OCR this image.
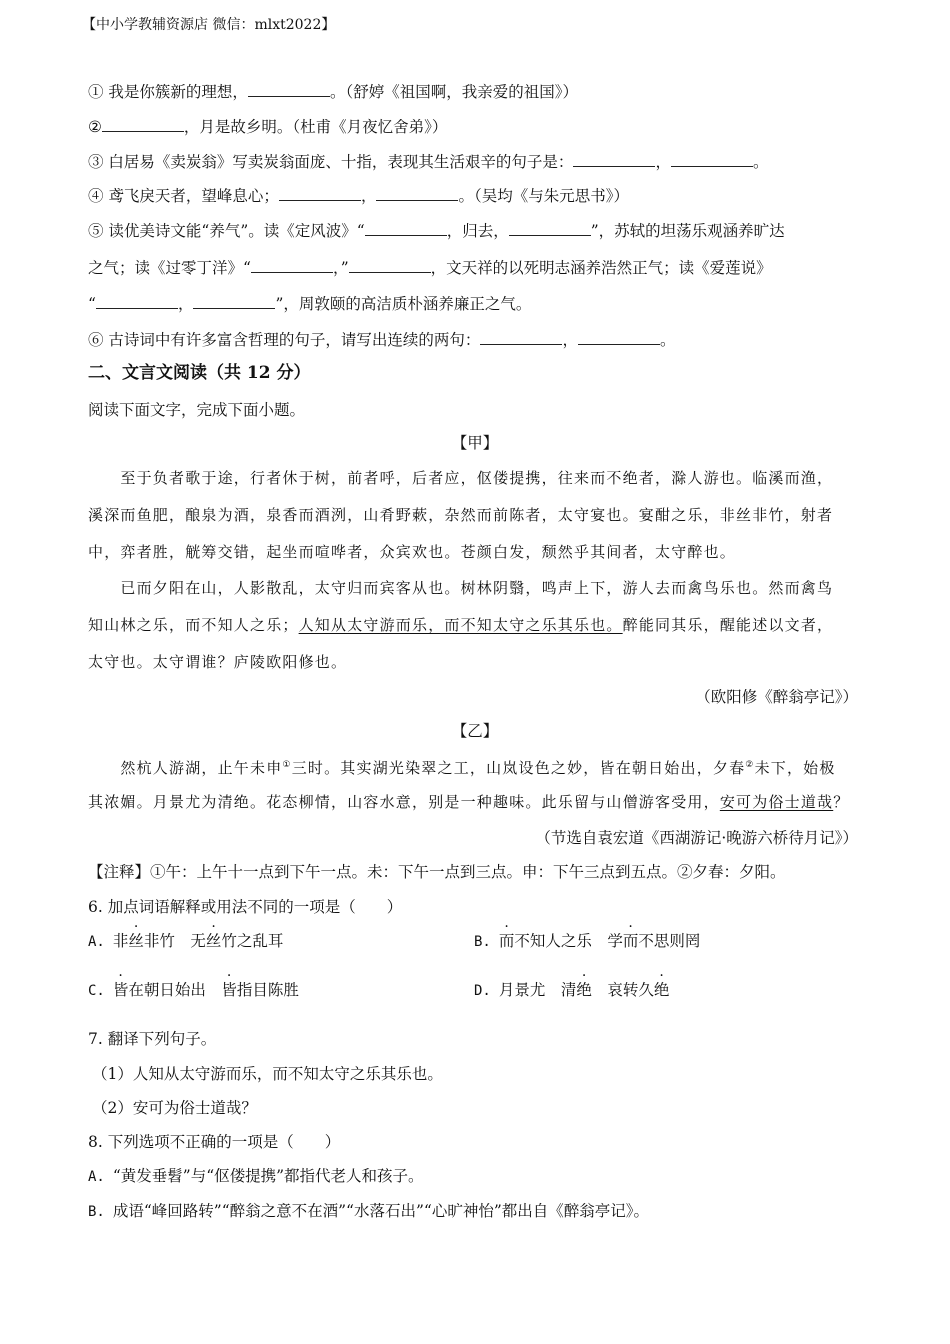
【中小学教辅资源店 微信：mlxt2022】
① 我是你簇新的理想，	。（舒婷《祖国啊，我亲爱的祖国》）
②	，月是故乡明。（杜甫《月夜忆舍弟》）
③ 白居易《卖炭翁》写卖炭翁面庞、十指，表现其生活艰辛的句子是：	，	。
④ 鸢飞戾天者，望峰息心；	，	。（吴均《与朱元思书》）
⑤ 读优美诗文能“养气”。读《定风波》“	，归去，	”，苏轼的坦荡乐观涵养旷达
之气；读《过零丁洋》“	，”	，文天祥的以死明志涵养浩然正气；读《爱莲说》
“	，	”，周敦颐的高洁质朴涵养廉正之气。
⑥ 古诗词中有许多富含哲理的句子，请写出连续的两句：	，	。
二、文言文阅读（共 12 分）
阅读下面文字，完成下面小题。
【甲】
　　至于负者歌于途，行者休于树，前者呼，后者应，伛偻提携，往来而不绝者，滁人游也。临溪而渔，
溪深而鱼肥，酿泉为酒，泉香而酒洌，山肴野蔌，杂然而前陈者，太守宴也。宴酣之乐，非丝非竹，射者
中，弈者胜，觥筹交错，起坐而喧哗者，众宾欢也。苍颜白发，颓然乎其间者，太守醉也。
　　已而夕阳在山，人影散乱，太守归而宾客从也。树林阴翳，鸣声上下，游人去而禽鸟乐也。然而禽鸟
知山林之乐，而不知人之乐；人知从太守游而乐，而不知太守之乐其乐也。醉能同其乐，醒能述以文者，
太守也。太守谓谁？庐陵欧阳修也。
（欧阳修《醉翁亭记》）
【乙】
　　然杭人游湖，止午未申①三时。其实湖光染翠之工，山岚设色之妙，皆在朝日始出，夕春②未下，始极
其浓媚。月景尤为清绝。花态柳情，山容水意，别是一种趣味。此乐留与山僧游客受用，安可为俗士道哉？
（节选自袁宏道《西湖游记·晚游六桥待月记》）
【注释】①午：上午十一点到下午一点。未：下午一点到三点。申：下午三点到五点。②夕春：夕阳。
6. 加点词语解释或用法不同的一项是（　　）
A. 非丝非竹　无丝竹之乱耳	B. 而不知人之乐　学而不思则罔
C. 皆在朝日始出　皆指目陈胜	D. 月景尤　清绝　哀转久绝
7. 翻译下列句子。
（1）人知从太守游而乐，而不知太守之乐其乐也。
（2）安可为俗士道哉？
8. 下列选项不正确的一项是（　　）
A. “黄发垂髫”与“伛偻提携”都指代老人和孩子。
B. 成语“峰回路转”“醉翁之意不在酒”“水落石出”“心旷神怡”都出自《醉翁亭记》。
